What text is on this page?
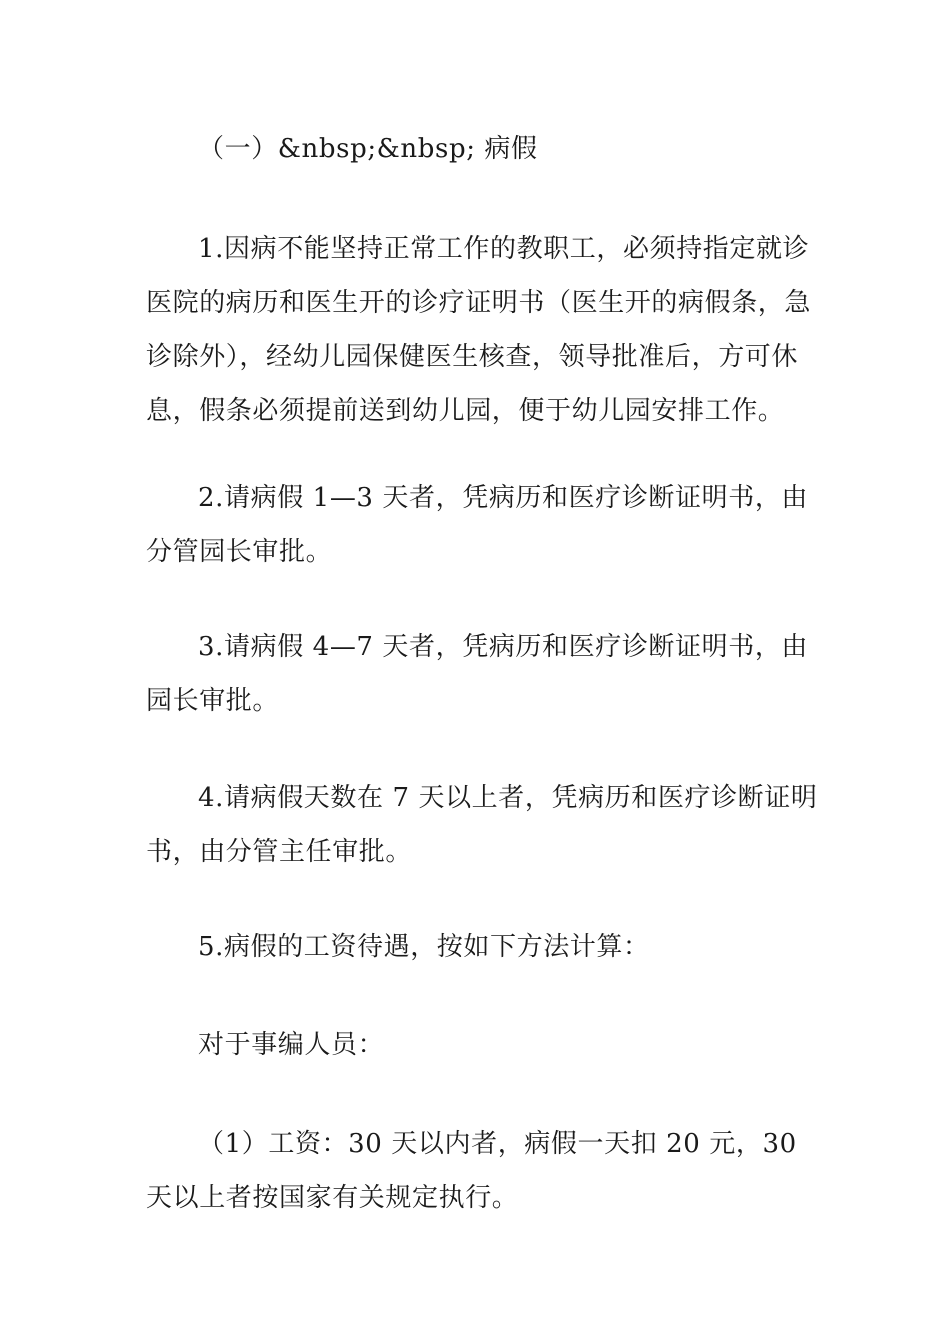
（一）&nbsp;&nbsp; 病假

1.因病不能坚持正常工作的教职工，必须持指定就诊医院的病历和医生开的诊疗证明书（医生开的病假条，急诊除外），经幼儿园保健医生核查，领导批准后，方可休息，假条必须提前送到幼儿园，便于幼儿园安排工作。

2.请病假 1—3 天者，凭病历和医疗诊断证明书，由分管园长审批。

3.请病假 4—7 天者，凭病历和医疗诊断证明书，由园长审批。

4.请病假天数在 7 天以上者，凭病历和医疗诊断证明书，由分管主任审批。

5.病假的工资待遇，按如下方法计算：

对于事编人员：

（1）工资：30 天以内者，病假一天扣 20 元，30 天以上者按国家有关规定执行。
